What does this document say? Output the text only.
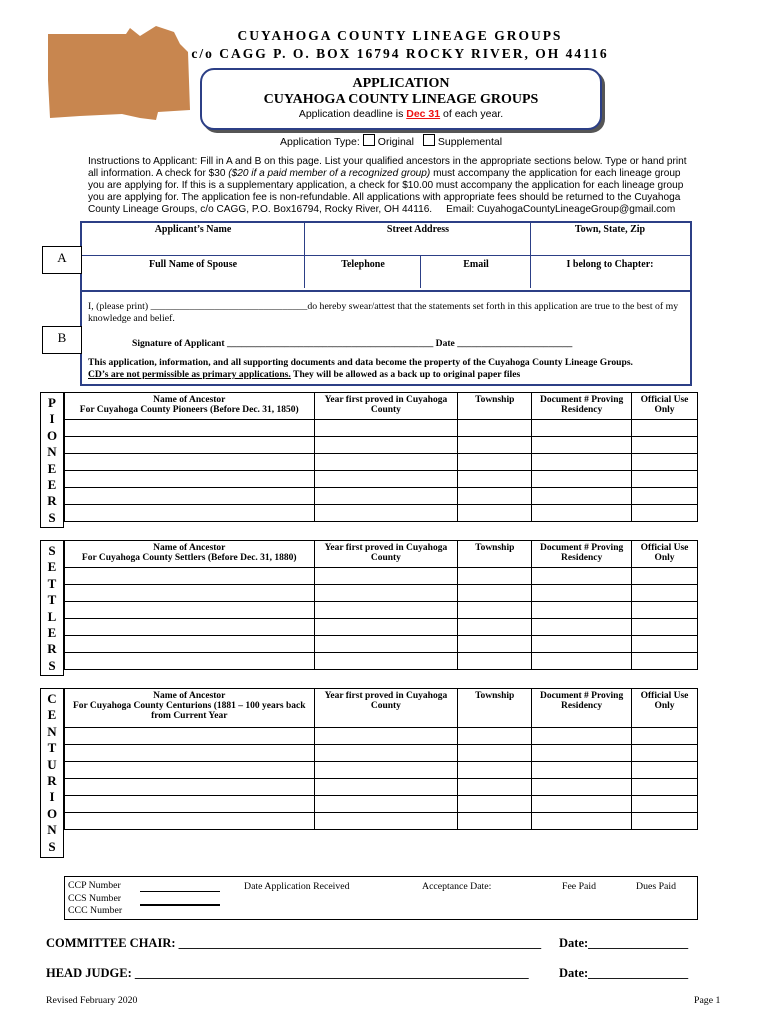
CUYAHOGA COUNTY LINEAGE GROUPS
c/o CAGG P. O. BOX 16794 ROCKY RIVER, OH 44116
APPLICATION
CUYAHOGA COUNTY LINEAGE GROUPS
Application deadline is Dec 31 of each year.
Application Type: Original Supplemental
Instructions to Applicant: Fill in A and B on this page. List your qualified ancestors in the appropriate sections below. Type or hand print all information. A check for $30 ($20 if a paid member of a recognized group) must accompany the application for each lineage group you are applying for. If this is a supplementary application, a check for $10.00 must accompany the application for each lineage group you are applying for. The application fee is non-refundable. All applications with appropriate fees should be returned to the Cuyahoga County Lineage Groups, c/o CAGG, P.O. Box16794, Rocky River, OH 44116. Email: CuyahogaCountyLineageGroup@gmail.com
Applicant’s Name	Street Address	Town, State, Zip
Full Name of Spouse	Telephone	Email	I belong to Chapter:
A
I, (please print) ________________________________do hereby swear/attest that the statements set forth in this application are true to the best of my knowledge and belief.
B	Signature of Applicant ___________________________________________ Date ________________________
This application, information, and all supporting documents and data become the property of the Cuyahoga County Lineage Groups.
CD’s are not permissible as primary applications. They will be allowed as a back up to original paper files
P
I
O
N
E
E
R
S
Name of Ancestor
For Cuyahoga County Pioneers (Before Dec. 31, 1850)	Year first proved in Cuyahoga County	Township	Document # Proving Residency	Official Use Only

S
E
T
T
L
E
R
S
Name of Ancestor
For Cuyahoga County Settlers (Before Dec. 31, 1880)	Year first proved in Cuyahoga County	Township	Document # Proving Residency	Official Use Only

C
E
N
T
U
R
I
O
N
S
Name of Ancestor
For Cuyahoga County Centurions (1881 – 100 years back from Current Year	Year first proved in Cuyahoga County	Township	Document # Proving Residency	Official Use Only

CCP Number
CCS Number
CCC Number
Date Application Received	Acceptance Date:	Fee Paid	Dues Paid
COMMITTEE CHAIR: __________________________________________________________ Date:________________
HEAD JUDGE: _______________________________________________________________ Date:________________
Revised February 2020	Page 1
